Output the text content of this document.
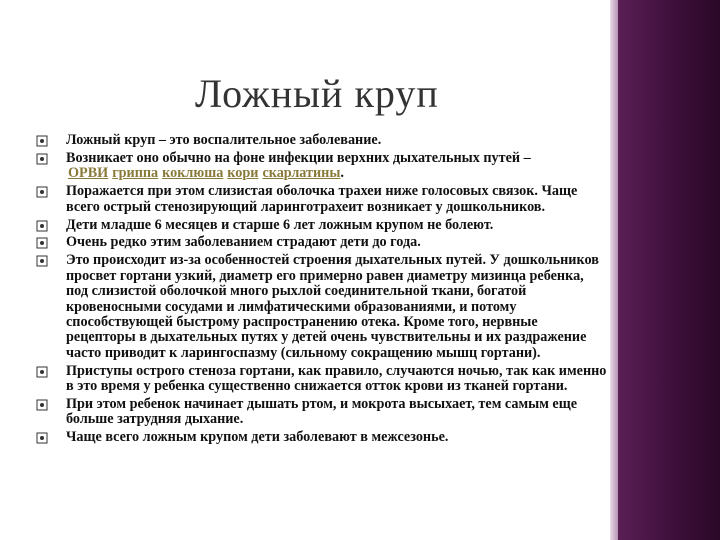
Ложный круп
Ложный круп – это воспалительное заболевание.
Возникает оно обычно на фоне инфекции верхних дыхательных путей –
ОРВИ гриппа коклюша кори скарлатины.
Поражается при этом слизистая оболочка трахеи ниже голосовых связок. Чаще всего острый стенозирующий ларинготрахеит возникает у дошкольников.
Дети младше 6 месяцев и старше 6 лет ложным крупом не болеют.
Очень редко этим заболеванием страдают дети до года.
Это происходит из-за особенностей строения дыхательных путей. У дошкольников просвет гортани узкий, диаметр его примерно равен диаметру мизинца ребенка, под слизистой оболочкой много рыхлой соединительной ткани, богатой кровеносными сосудами и лимфатическими образованиями, и потому способствующей быстрому распространению отека. Кроме того, нервные рецепторы в дыхательных путях у детей очень чувствительны и их раздражение часто приводит к ларингоспазму (сильному сокращению мышц гортани).
Приступы острого стеноза гортани, как правило, случаются ночью, так как именно в это время у ребенка существенно снижается отток крови из тканей гортани.
При этом ребенок начинает дышать ртом, и мокрота высыхает, тем самым еще больше затрудняя дыхание.
Чаще всего ложным крупом дети заболевают в межсезонье.
